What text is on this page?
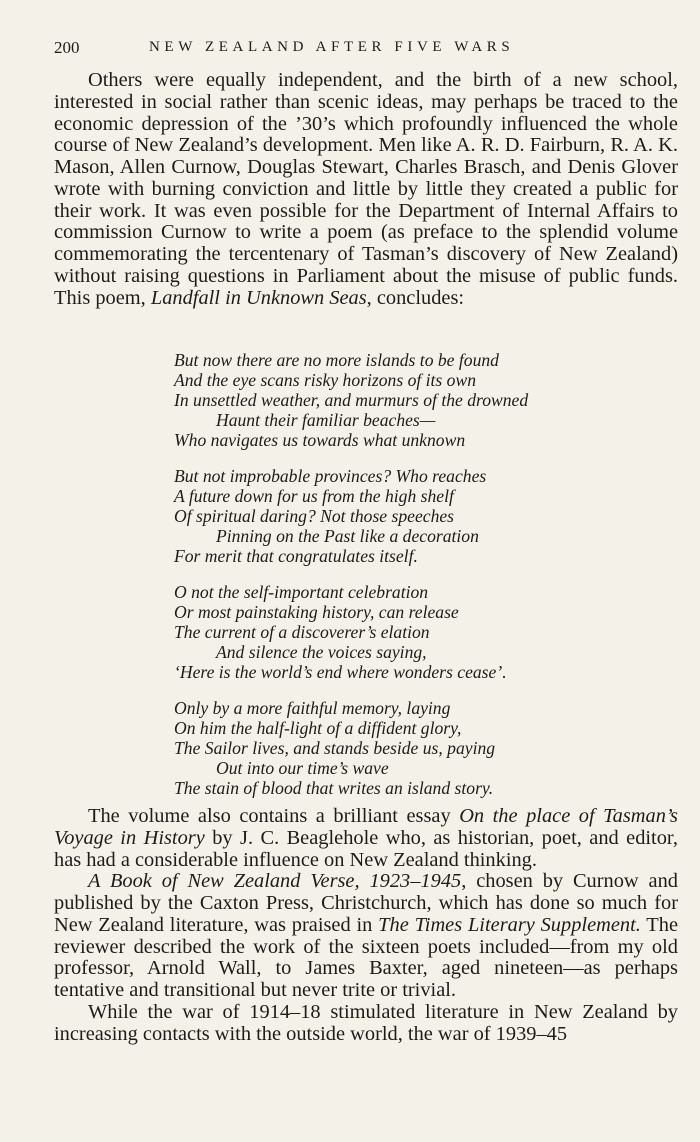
200	NEW ZEALAND AFTER FIVE WARS

Others were equally independent, and the birth of a new school, interested in social rather than scenic ideas, may perhaps be traced to the economic depression of the ’30’s which profoundly influenced the whole course of New Zealand’s development. Men like A. R. D. Fairburn, R. A. K. Mason, Allen Curnow, Douglas Stewart, Charles Brasch, and Denis Glover wrote with burning conviction and little by little they created a public for their work. It was even possible for the Department of Internal Affairs to commission Curnow to write a poem (as preface to the splendid volume commemorating the tercentenary of Tasman’s discovery of New Zealand) without raising questions in Parliament about the misuse of public funds. This poem, Landfall in Unknown Seas, concludes:

But now there are no more islands to be found
And the eye scans risky horizons of its own
In unsettled weather, and murmurs of the drowned
Haunt their familiar beaches—
Who navigates us towards what unknown
But not improbable provinces? Who reaches
A future down for us from the high shelf
Of spiritual daring? Not those speeches
Pinning on the Past like a decoration
For merit that congratulates itself.
O not the self-important celebration
Or most painstaking history, can release
The current of a discoverer’s elation
And silence the voices saying,
‘Here is the world’s end where wonders cease’.
Only by a more faithful memory, laying
On him the half-light of a diffident glory,
The Sailor lives, and stands beside us, paying
Out into our time’s wave
The stain of blood that writes an island story.

The volume also contains a brilliant essay On the place of Tasman’s Voyage in History by J. C. Beaglehole who, as historian, poet, and editor, has had a considerable influence on New Zealand thinking.

A Book of New Zealand Verse, 1923–1945, chosen by Curnow and published by the Caxton Press, Christchurch, which has done so much for New Zealand literature, was praised in The Times Literary Supplement. The reviewer described the work of the sixteen poets included—from my old professor, Arnold Wall, to James Baxter, aged nineteen—as perhaps tentative and transitional but never trite or trivial.

While the war of 1914–18 stimulated literature in New Zealand by increasing contacts with the outside world, the war of 1939–45
